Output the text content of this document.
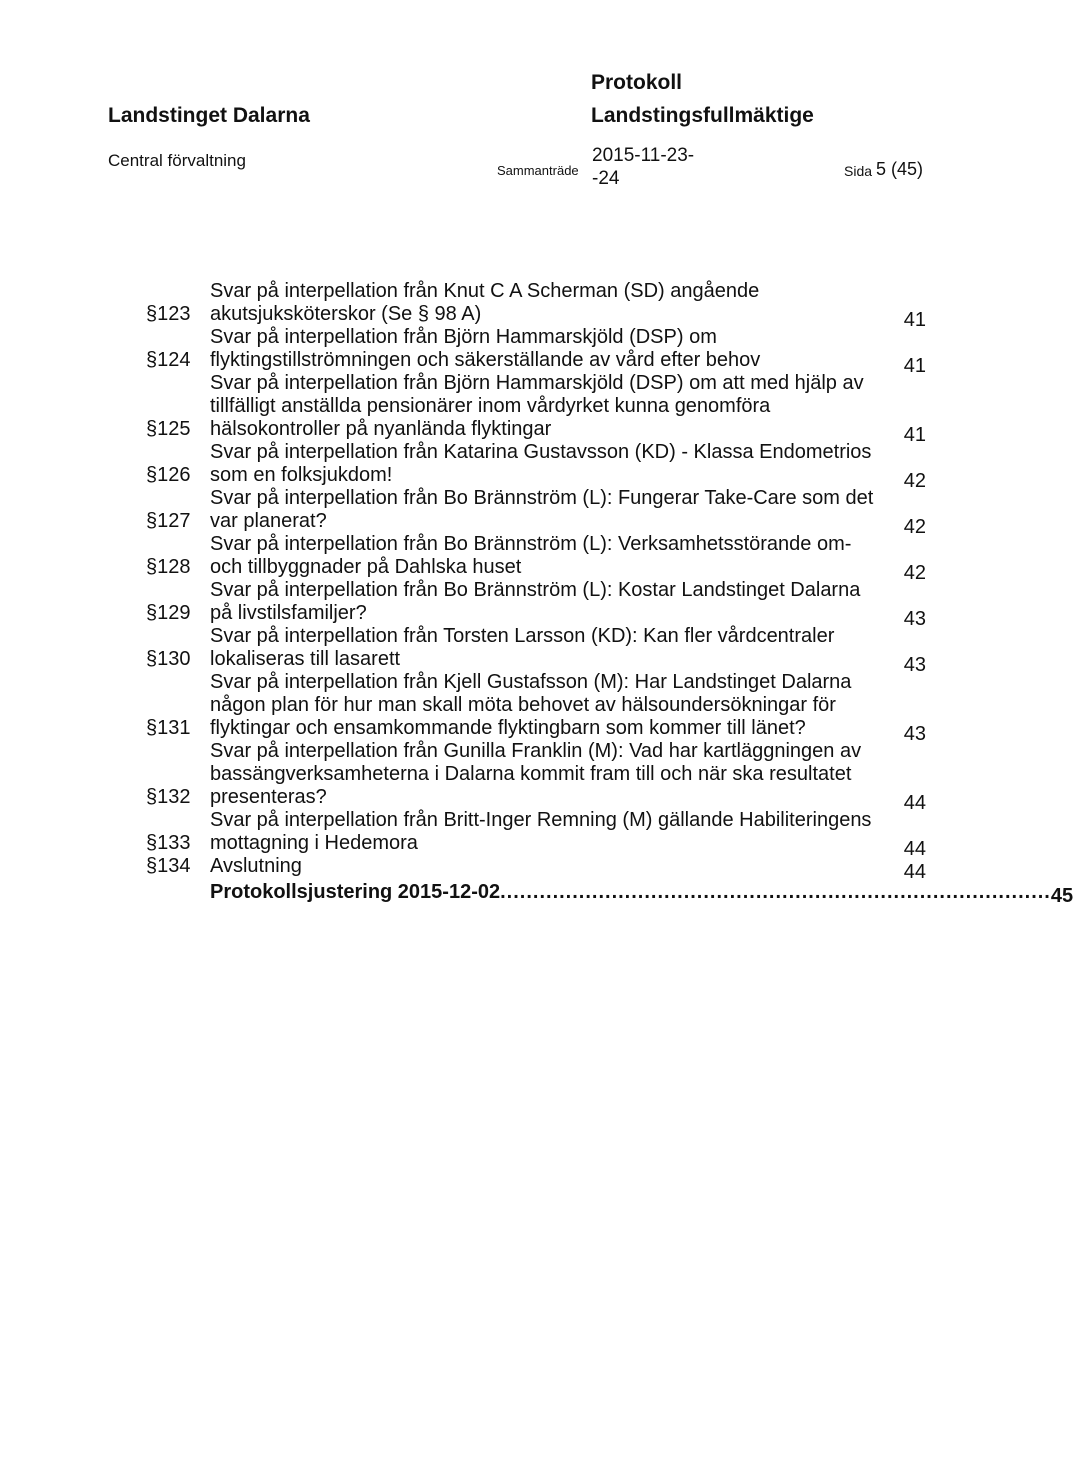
Landstinget Dalarna
Central förvaltning
Protokoll
Landstingsfullmäktige
Sammanträde
2015-11-23-
-24	Sida 5 (45)
§123
Svar på interpellation från Knut C A Scherman (SD) angående
akutsjuksköterskor (Se § 98 A)	41
§124
Svar på interpellation från Björn Hammarskjöld (DSP) om
flyktingstillströmningen och säkerställande av vård efter behov	41
§125
Svar på interpellation från Björn Hammarskjöld (DSP) om att med hjälp av
tillfälligt anställda pensionärer inom vårdyrket kunna genomföra
hälsokontroller på nyanlända flyktingar	41
§126
Svar på interpellation från Katarina Gustavsson (KD) - Klassa Endometrios
som en folksjukdom!	42
§127
Svar på interpellation från Bo Brännström (L): Fungerar Take-Care som det
var planerat?	42
§128
Svar på interpellation från Bo Brännström (L): Verksamhetsstörande om-
och tillbyggnader på Dahlska huset	42
§129
Svar på interpellation från Bo Brännström (L): Kostar Landstinget Dalarna
på livstilsfamiljer?	43
§130
Svar på interpellation från Torsten Larsson (KD): Kan fler vårdcentraler
lokaliseras till lasarett	43
§131
Svar på interpellation från Kjell Gustafsson (M): Har Landstinget Dalarna
någon plan för hur man skall möta behovet av hälsoundersökningar för
flyktingar och ensamkommande flyktingbarn som kommer till länet?	43
§132
Svar på interpellation från Gunilla Franklin (M): Vad har kartläggningen av
bassängverksamheterna i Dalarna kommit fram till och när ska resultatet
presenteras?	44
§133
Svar på interpellation från Britt-Inger Remning (M) gällande Habiliteringens
mottagning i Hedemora	44
§134 Avslutning	44
Protokollsjustering 2015-12-02 .................................................................................... 45
